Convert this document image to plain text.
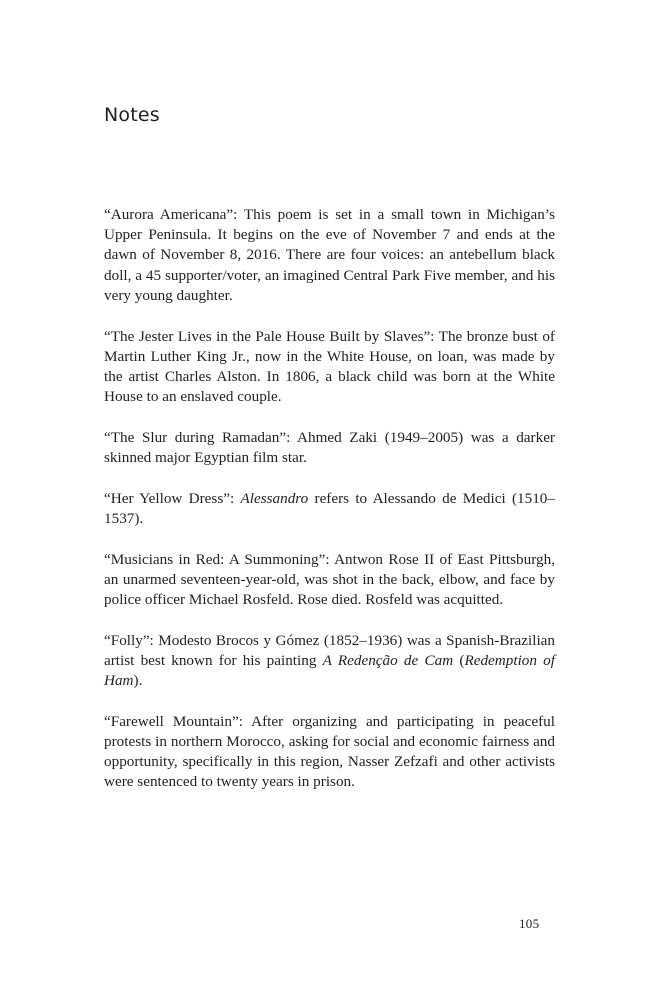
Notes

“Aurora Americana”: This poem is set in a small town in Michigan’s Upper Peninsula. It begins on the eve of November 7 and ends at the dawn of November 8, 2016. There are four voices: an antebellum black doll, a 45 supporter/voter, an imagined Central Park Five member, and his very young daughter.

“The Jester Lives in the Pale House Built by Slaves”: The bronze bust of Martin Luther King Jr., now in the White House, on loan, was made by the artist Charles Alston. In 1806, a black child was born at the White House to an enslaved couple.

“The Slur during Ramadan”: Ahmed Zaki (1949–2005) was a darker skinned major Egyptian film star.

“Her Yellow Dress”: Alessandro refers to Alessando de Medici (1510–1537).

“Musicians in Red: A Summoning”: Antwon Rose II of East Pittsburgh, an unarmed seventeen-year-old, was shot in the back, elbow, and face by police officer Michael Rosfeld. Rose died. Rosfeld was acquitted.

“Folly”: Modesto Brocos y Gómez (1852–1936) was a Spanish-Brazilian artist best known for his painting A Redenção de Cam (Redemption of Ham).

“Farewell Mountain”: After organizing and participating in peaceful protests in northern Morocco, asking for social and economic fairness and opportunity, specifically in this region, Nasser Zefzafi and other activists were sentenced to twenty years in prison.

105
